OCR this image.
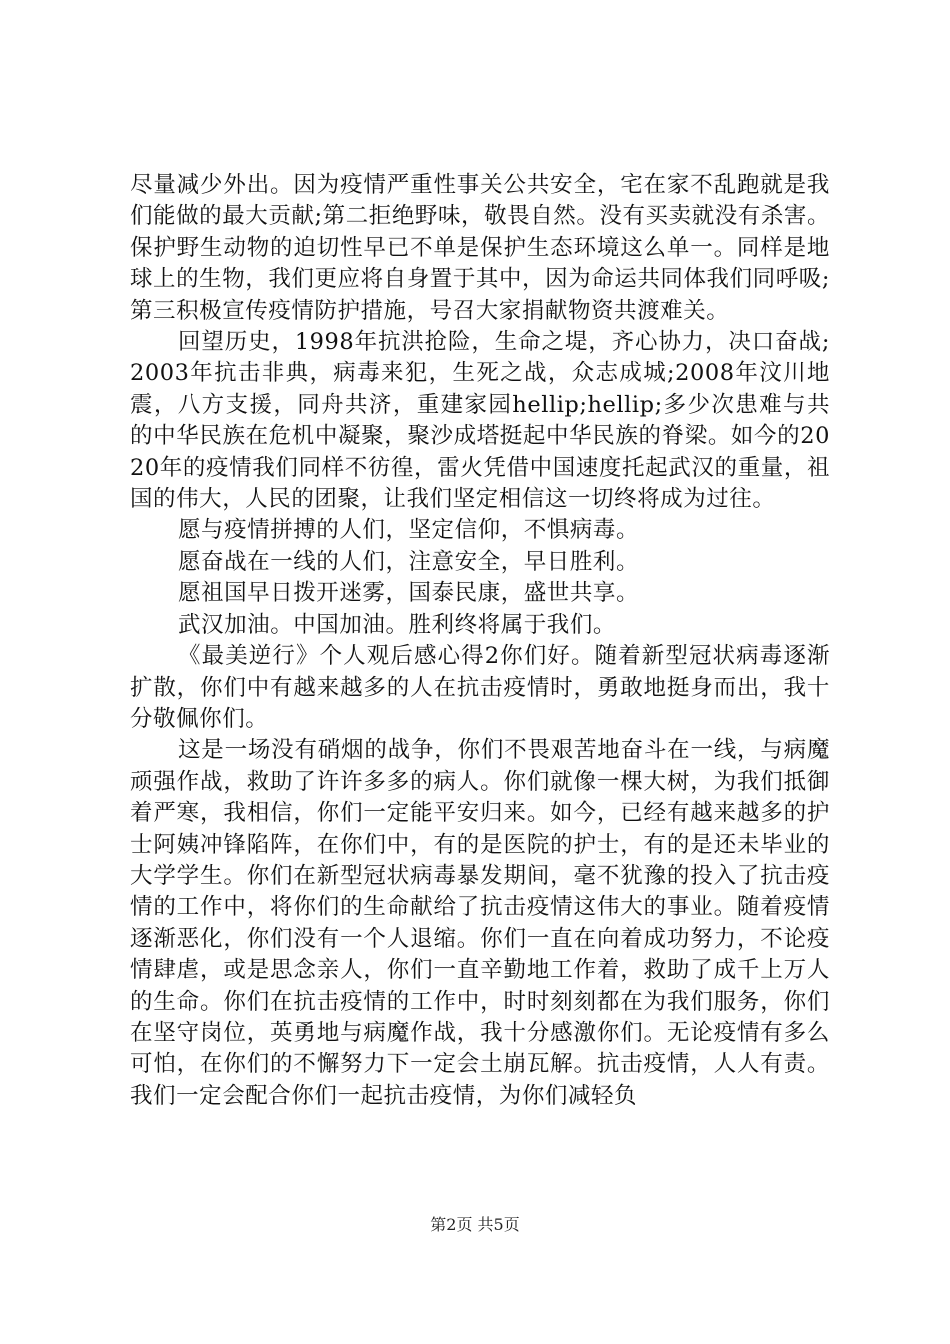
尽量减少外出。因为疫情严重性事关公共安全，宅在家不乱跑就是我们能做的最大贡献;第二拒绝野味，敬畏自然。没有买卖就没有杀害。保护野生动物的迫切性早已不单是保护生态环境这么单一。同样是地球上的生物，我们更应将自身置于其中，因为命运共同体我们同呼吸;第三积极宣传疫情防护措施，号召大家捐献物资共渡难关。

回望历史，1998年抗洪抢险，生命之堤，齐心协力，决口奋战;2003年抗击非典，病毒来犯，生死之战，众志成城;2008年汶川地震，八方支援，同舟共济，重建家园hellip;hellip;多少次患难与共的中华民族在危机中凝聚，聚沙成塔挺起中华民族的脊梁。如今的2020年的疫情我们同样不彷徨，雷火凭借中国速度托起武汉的重量，祖国的伟大，人民的团聚，让我们坚定相信这一切终将成为过往。

愿与疫情拼搏的人们，坚定信仰，不惧病毒。

愿奋战在一线的人们，注意安全，早日胜利。

愿祖国早日拨开迷雾，国泰民康，盛世共享。

武汉加油。中国加油。胜利终将属于我们。

《最美逆行》个人观后感心得2你们好。随着新型冠状病毒逐渐扩散，你们中有越来越多的人在抗击疫情时，勇敢地挺身而出，我十分敬佩你们。

这是一场没有硝烟的战争，你们不畏艰苦地奋斗在一线，与病魔顽强作战，救助了许许多多的病人。你们就像一棵大树，为我们抵御着严寒，我相信，你们一定能平安归来。如今，已经有越来越多的护士阿姨冲锋陷阵，在你们中，有的是医院的护士，有的是还未毕业的大学学生。你们在新型冠状病毒暴发期间，毫不犹豫的投入了抗击疫情的工作中，将你们的生命献给了抗击疫情这伟大的事业。随着疫情逐渐恶化，你们没有一个人退缩。你们一直在向着成功努力，不论疫情肆虐，或是思念亲人，你们一直辛勤地工作着，救助了成千上万人的生命。你们在抗击疫情的工作中，时时刻刻都在为我们服务，你们在坚守岗位，英勇地与病魔作战，我十分感激你们。无论疫情有多么可怕，在你们的不懈努力下一定会土崩瓦解。抗击疫情，人人有责。我们一定会配合你们一起抗击疫情，为你们减轻负

第2页 共5页
